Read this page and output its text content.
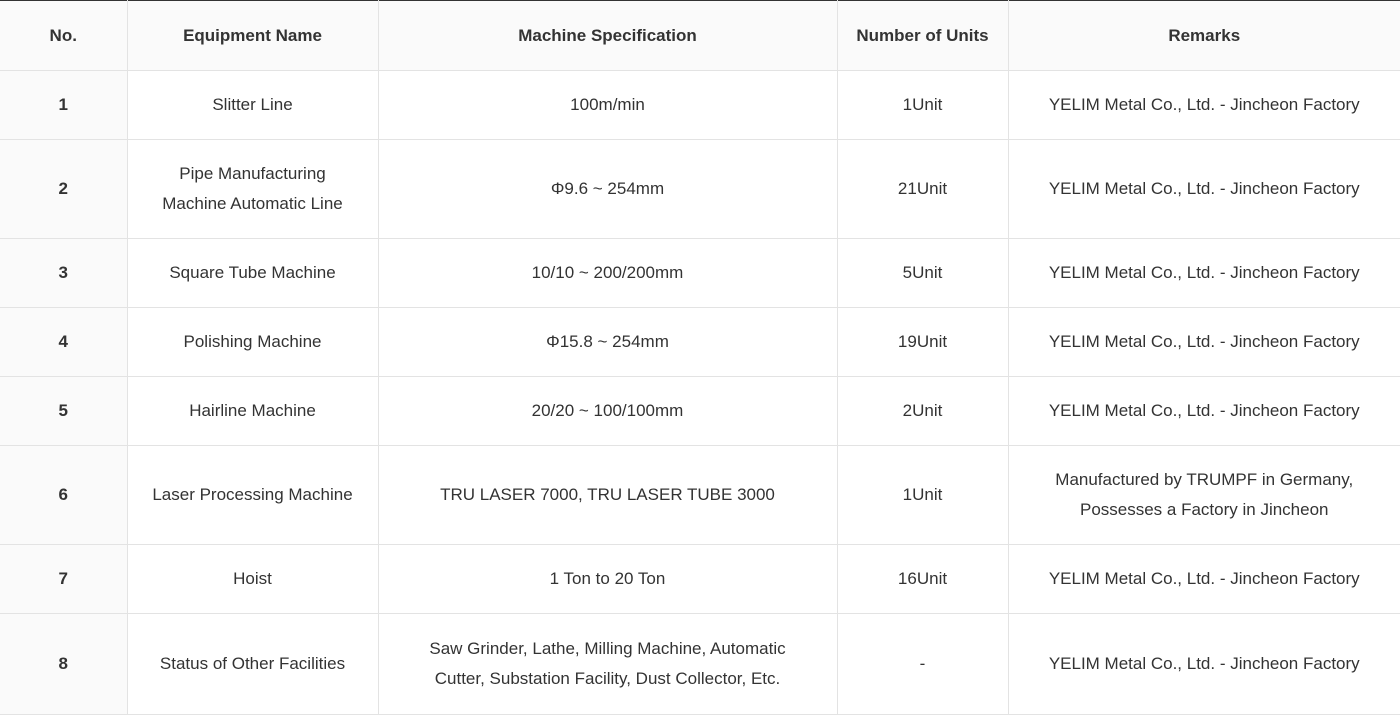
No.	Equipment Name	Machine Specification	Number of Units	Remarks
1	Slitter Line	100m/min	1Unit	YELIM Metal Co., Ltd. - Jincheon Factory

2	Pipe Manufacturing
Machine Automatic Line	Φ9.6 ~ 254mm	21Unit	YELIM Metal Co., Ltd. - Jincheon Factory

3	Square Tube Machine	10/10 ~ 200/200mm	5Unit	YELIM Metal Co., Ltd. - Jincheon Factory

4	Polishing Machine	Φ15.8 ~ 254mm	19Unit	YELIM Metal Co., Ltd. - Jincheon Factory

5	Hairline Machine	20/20 ~ 100/100mm	2Unit	YELIM Metal Co., Ltd. - Jincheon Factory

6	Laser Processing Machine	TRU LASER 7000, TRU LASER TUBE 3000	1Unit	Manufactured by TRUMPF in Germany,
Possesses a Factory in Jincheon

7	Hoist	1 Ton to 20 Ton	16Unit	YELIM Metal Co., Ltd. - Jincheon Factory

8	Status of Other Facilities	Saw Grinder, Lathe, Milling Machine, Automatic
Cutter, Substation Facility, Dust Collector, Etc.	-	YELIM Metal Co., Ltd. - Jincheon Factory
